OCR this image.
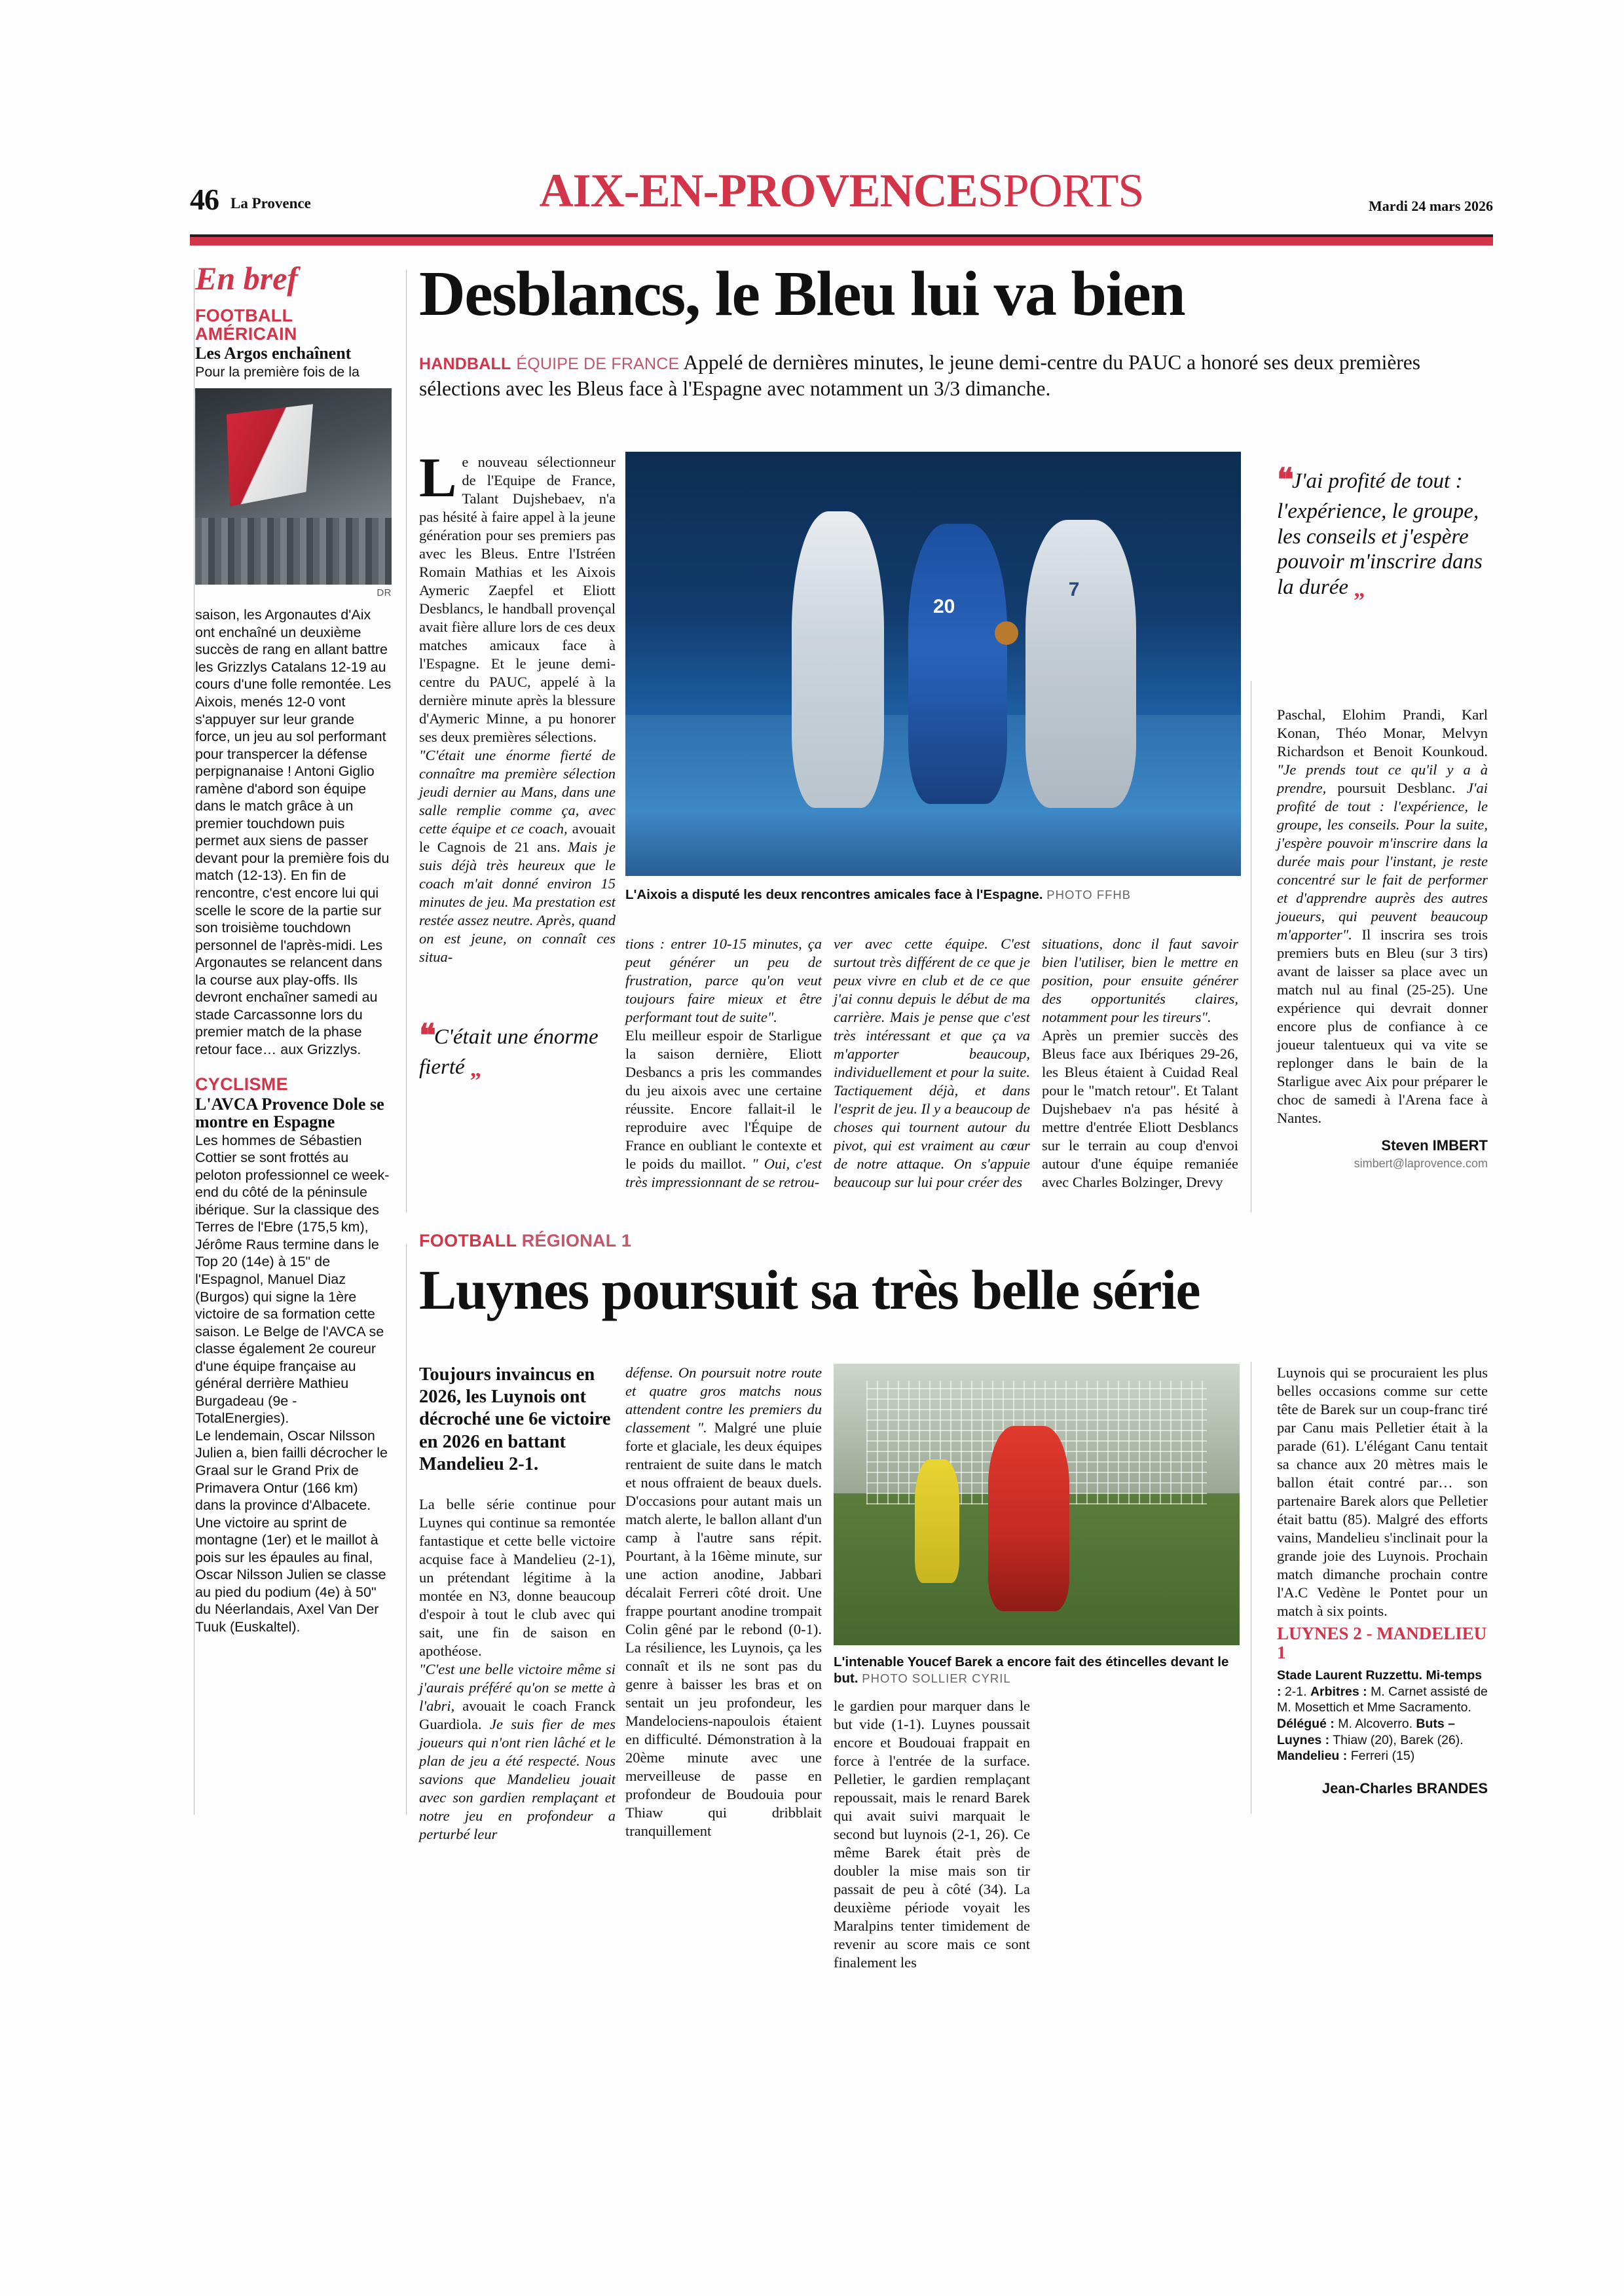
46 La Provence	AIX-EN-PROVENCESPORTS	Mardi 24 mars 2026
En bref
FOOTBALL AMÉRICAIN
Les Argos enchaînent
Pour la première fois de la
DR
saison, les Argonautes d'Aix ont enchaîné un deuxième succès de rang en allant battre les Grizzlys Catalans 12-19 au cours d'une folle remontée. Les Aixois, menés 12-0 vont s'appuyer sur leur grande force, un jeu au sol performant pour transpercer la défense perpignanaise ! Antoni Giglio ramène d'abord son équipe dans le match grâce à un premier touchdown puis permet aux siens de passer devant pour la première fois du match (12-13). En fin de rencontre, c'est encore lui qui scelle le score de la partie sur son troisième touchdown personnel de l'après-midi. Les Argonautes se relancent dans la course aux play-offs. Ils devront enchaîner samedi au stade Carcassonne lors du premier match de la phase retour face… aux Grizzlys.
CYCLISME
L'AVCA Provence Dole se montre en Espagne
Les hommes de Sébastien Cottier se sont frottés au peloton professionnel ce week-end du côté de la péninsule ibérique. Sur la classique des Terres de l'Ebre (175,5 km), Jérôme Raus termine dans le Top 20 (14e) à 15" de l'Espagnol, Manuel Diaz (Burgos) qui signe la 1ère victoire de sa formation cette saison. Le Belge de l'AVCA se classe également 2e coureur d'une équipe française au général derrière Mathieu Burgadeau (9e - TotalEnergies).
Le lendemain, Oscar Nilsson Julien a, bien failli décrocher le Graal sur le Grand Prix de Primavera Ontur (166 km) dans la province d'Albacete. Une victoire au sprint de montagne (1er) et le maillot à pois sur les épaules au final, Oscar Nilsson Julien se classe au pied du podium (4e) à 50" du Néerlandais, Axel Van Der Tuuk (Euskaltel).
Desblancs, le Bleu lui va bien

HANDBALL ÉQUIPE DE FRANCE Appelé de dernières minutes, le jeune demi-centre du PAUC a honoré ses deux premières sélections avec les Bleus face à l'Espagne avec notamment un 3/3 dimanche.

Le nouveau sélectionneur de l'Equipe de France, Talant Dujshebaev, n'a pas hésité à faire appel à la jeune génération pour ses premiers pas avec les Bleus. Entre l'Istréen Romain Mathias et les Aixois Aymeric Zaepfel et Eliott Desblancs, le handball provençal avait fière allure lors de ces deux matches amicaux face à l'Espagne. Et le jeune demi-centre du PAUC, appelé à la dernière minute après la blessure d'Aymeric Minne, a pu honorer ses deux premières sélections.

"C'était une énorme fierté de connaître ma première sélection jeudi dernier au Mans, dans une salle remplie comme ça, avec cette équipe et ce coach, avouait le Cagnois de 21 ans. Mais je suis déjà très heureux que le coach m'ait donné environ 15 minutes de jeu. Ma prestation est restée assez neutre. Après, quand on est jeune, on connaît ces situa-

❝C'était une énorme fierté „
20
7
L'Aixois a disputé les deux rencontres amicales face à l'Espagne. PHOTO FFHB

tions : entrer 10-15 minutes, ça peut générer un peu de frustration, parce qu'on veut toujours faire mieux et être performant tout de suite".

Elu meilleur espoir de Starligue la saison dernière, Eliott Desbancs a pris les commandes du jeu aixois avec une certaine réussite. Encore fallait-il le reproduire avec l'Équipe de France en oubliant le contexte et le poids du maillot. " Oui, c'est très impressionnant de se retrou-

ver avec cette équipe. C'est surtout très différent de ce que je peux vivre en club et de ce que j'ai connu depuis le début de ma carrière. Mais je pense que c'est très intéressant et que ça va m'apporter beaucoup, individuellement et pour la suite. Tactiquement déjà, et dans l'esprit de jeu. Il y a beaucoup de choses qui tournent autour du pivot, qui est vraiment au cœur de notre attaque. On s'appuie beaucoup sur lui pour créer des

situations, donc il faut savoir bien l'utiliser, bien le mettre en position, pour ensuite générer des opportunités claires, notamment pour les tireurs".

Après un premier succès des Bleus face aux Ibériques 29-26, les Bleus étaient à Cuidad Real pour le "match retour". Et Talant Dujshebaev n'a pas hésité à mettre d'entrée Eliott Desblancs sur le terrain au coup d'envoi autour d'une équipe remaniée avec Charles Bolzinger, Drevy

❝J'ai profité de tout : l'expérience, le groupe, les conseils et j'espère pouvoir m'inscrire dans la durée „

Paschal, Elohim Prandi, Karl Konan, Théo Monar, Melvyn Richardson et Benoit Kounkoud. "Je prends tout ce qu'il y a à prendre, poursuit Desblanc. J'ai profité de tout : l'expérience, le groupe, les conseils. Pour la suite, j'espère pouvoir m'inscrire dans la durée mais pour l'instant, je reste concentré sur le fait de performer et d'apprendre auprès des autres joueurs, qui peuvent beaucoup m'apporter". Il inscrira ses trois premiers buts en Bleu (sur 3 tirs) avant de laisser sa place avec un match nul au final (25-25). Une expérience qui devrait donner encore plus de confiance à ce joueur talentueux qui va vite se replonger dans le bain de la Starligue avec Aix pour préparer le choc de samedi à l'Arena face à Nantes.

Steven IMBERT
simbert@laprovence.com
FOOTBALL RÉGIONAL 1
Luynes poursuit sa très belle série

Toujours invaincus en 2026, les Luynois ont décroché une 6e victoire en 2026 en battant Mandelieu 2-1.

La belle série continue pour Luynes qui continue sa remontée fantastique et cette belle victoire acquise face à Mandelieu (2-1), un prétendant légitime à la montée en N3, donne beaucoup d'espoir à tout le club avec qui sait, une fin de saison en apothéose.

"C'est une belle victoire même si j'aurais préféré qu'on se mette à l'abri, avouait le coach Franck Guardiola. Je suis fier de mes joueurs qui n'ont rien lâché et le plan de jeu a été respecté. Nous savions que Mandelieu jouait avec son gardien remplaçant et notre jeu en profondeur a perturbé leur

défense. On poursuit notre route et quatre gros matchs nous attendent contre les premiers du classement ". Malgré une pluie forte et glaciale, les deux équipes rentraient de suite dans le match et nous offraient de beaux duels. D'occasions pour autant mais un match alerte, le ballon allant d'un camp à l'autre sans répit. Pourtant, à la 16ème minute, sur une action anodine, Jabbari décalait Ferreri côté droit. Une frappe pourtant anodine trompait Colin gêné par le rebond (0-1). La résilience, les Luynois, ça les connaît et ils ne sont pas du genre à baisser les bras et on sentait un jeu profondeur, les Mandelociens-napoulois étaient en difficulté. Démonstration à la 20ème minute avec une merveilleuse de passe en profondeur de Boudouia pour Thiaw qui dribblait tranquillement

L'intenable Youcef Barek a encore fait des étincelles devant le but. PHOTO SOLLIER CYRIL

le gardien pour marquer dans le but vide (1-1). Luynes poussait encore et Boudouai frappait en force à l'entrée de la surface. Pelletier, le gardien remplaçant repoussait, mais le renard Barek qui avait suivi marquait le second but luynois (2-1, 26). Ce même Barek était près de doubler la mise mais son tir passait de peu à côté (34). La deuxième période voyait les Maralpins tenter timidement de revenir au score mais ce sont finalement les

Luynois qui se procuraient les plus belles occasions comme sur cette tête de Barek sur un coup-franc tiré par Canu mais Pelletier était à la parade (61). L'élégant Canu tentait sa chance aux 20 mètres mais le ballon était contré par… son partenaire Barek alors que Pelletier était battu (85). Malgré des efforts vains, Mandelieu s'inclinait pour la grande joie des Luynois. Prochain match dimanche prochain contre l'A.C Vedène le Pontet pour un match à six points.

LUYNES 2 - MANDELIEU 1
Stade Laurent Ruzzettu. Mi-temps : 2-1. Arbitres : M. Carnet assisté de M. Mosettich et Mme Sacramento. Délégué : M. Alcoverro. Buts – Luynes : Thiaw (20), Barek (26). Mandelieu : Ferreri (15)
Jean-Charles BRANDES
